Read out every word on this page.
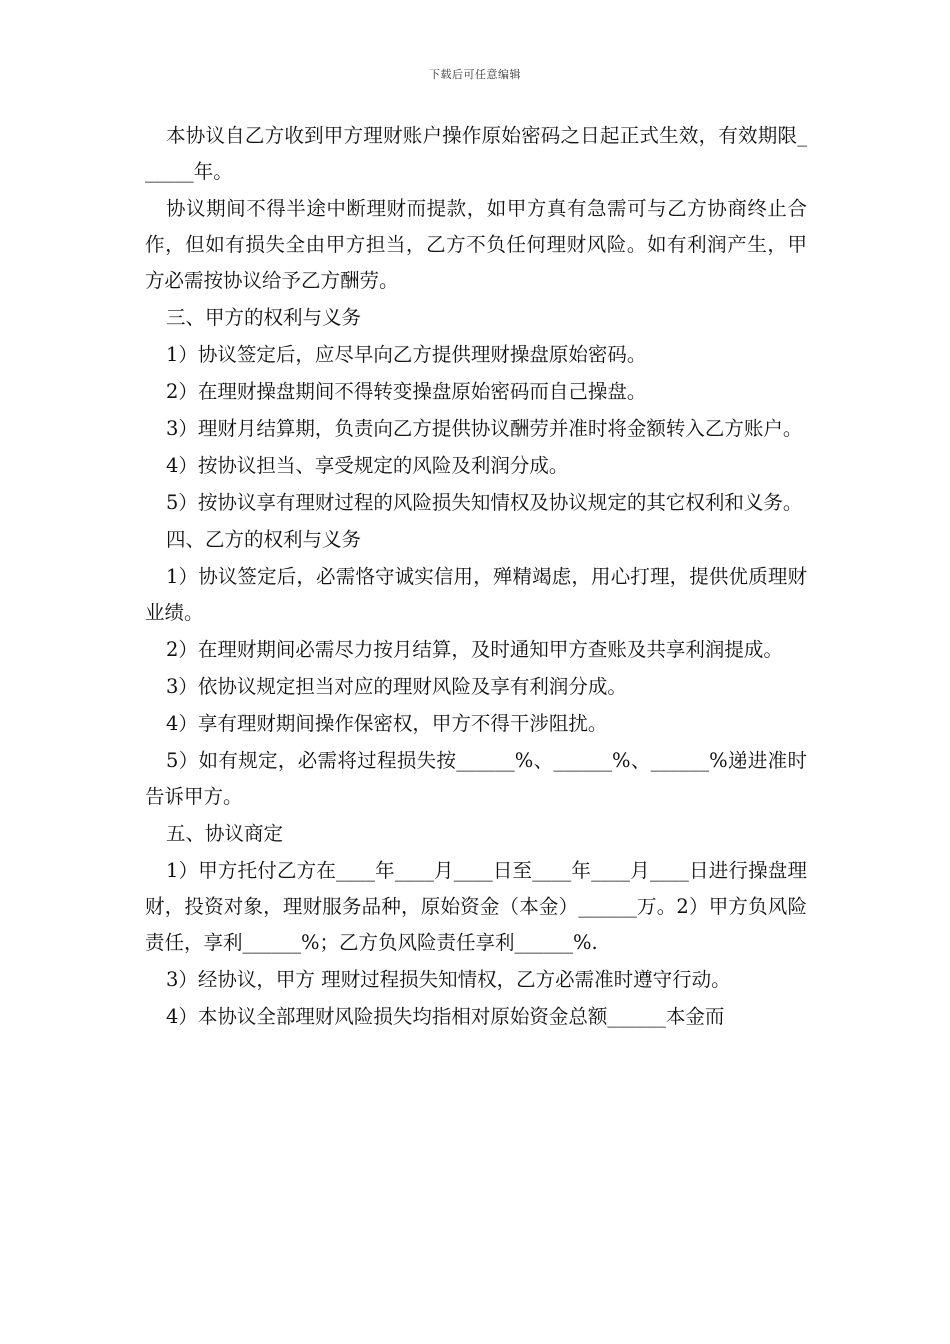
下载后可任意编辑

本协议自乙方收到甲方理财账户操作原始密码之日起正式生效，有效期限______年。

协议期间不得半途中断理财而提款，如甲方真有急需可与乙方协商终止合作，但如有损失全由甲方担当，乙方不负任何理财风险。如有利润产生，甲方必需按协议给予乙方酬劳。

三、甲方的权利与义务

1）协议签定后，应尽早向乙方提供理财操盘原始密码。

2）在理财操盘期间不得转变操盘原始密码而自己操盘。

3）理财月结算期，负责向乙方提供协议酬劳并准时将金额转入乙方账户。

4）按协议担当、享受规定的风险及利润分成。

5）按协议享有理财过程的风险损失知情权及协议规定的其它权利和义务。

四、乙方的权利与义务

1）协议签定后，必需恪守诚实信用，殚精竭虑，用心打理，提供优质理财业绩。

2）在理财期间必需尽力按月结算，及时通知甲方查账及共享利润提成。

3）依协议规定担当对应的理财风险及享有利润分成。

4）享有理财期间操作保密权，甲方不得干涉阻扰。

5）如有规定，必需将过程损失按______%、______%、______%递进准时告诉甲方。

五、协议商定

1）甲方托付乙方在____年____月____日至____年____月____日进行操盘理财，投资对象，理财服务品种，原始资金（本金）______万。2）甲方负风险责任，享利______%；乙方负风险责任享利______%.

3）经协议，甲方 理财过程损失知情权，乙方必需准时遵守行动。

4）本协议全部理财风险损失均指相对原始资金总额______本金而
